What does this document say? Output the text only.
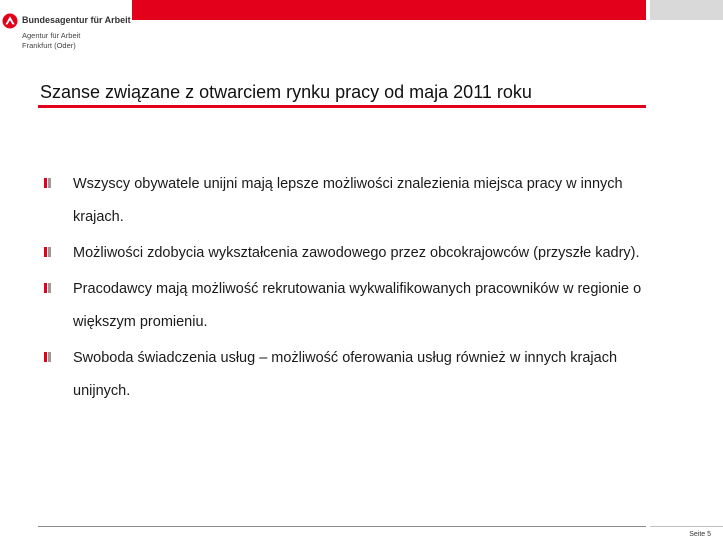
Bundesagentur für Arbeit
Agentur für Arbeit
Frankfurt (Oder)
Szanse związane z otwarciem rynku pracy od maja 2011 roku
Wszyscy obywatele unijni mają lepsze możliwości znalezienia miejsca pracy w innych krajach.
Możliwości zdobycia wykształcenia zawodowego przez obcokrajowców (przyszłe kadry).
Pracodawcy mają możliwość rekrutowania wykwalifikowanych pracowników w regionie o większym promieniu.
Swoboda świadczenia usług – możliwość oferowania usług również w innych krajach unijnych.
Seite 5
